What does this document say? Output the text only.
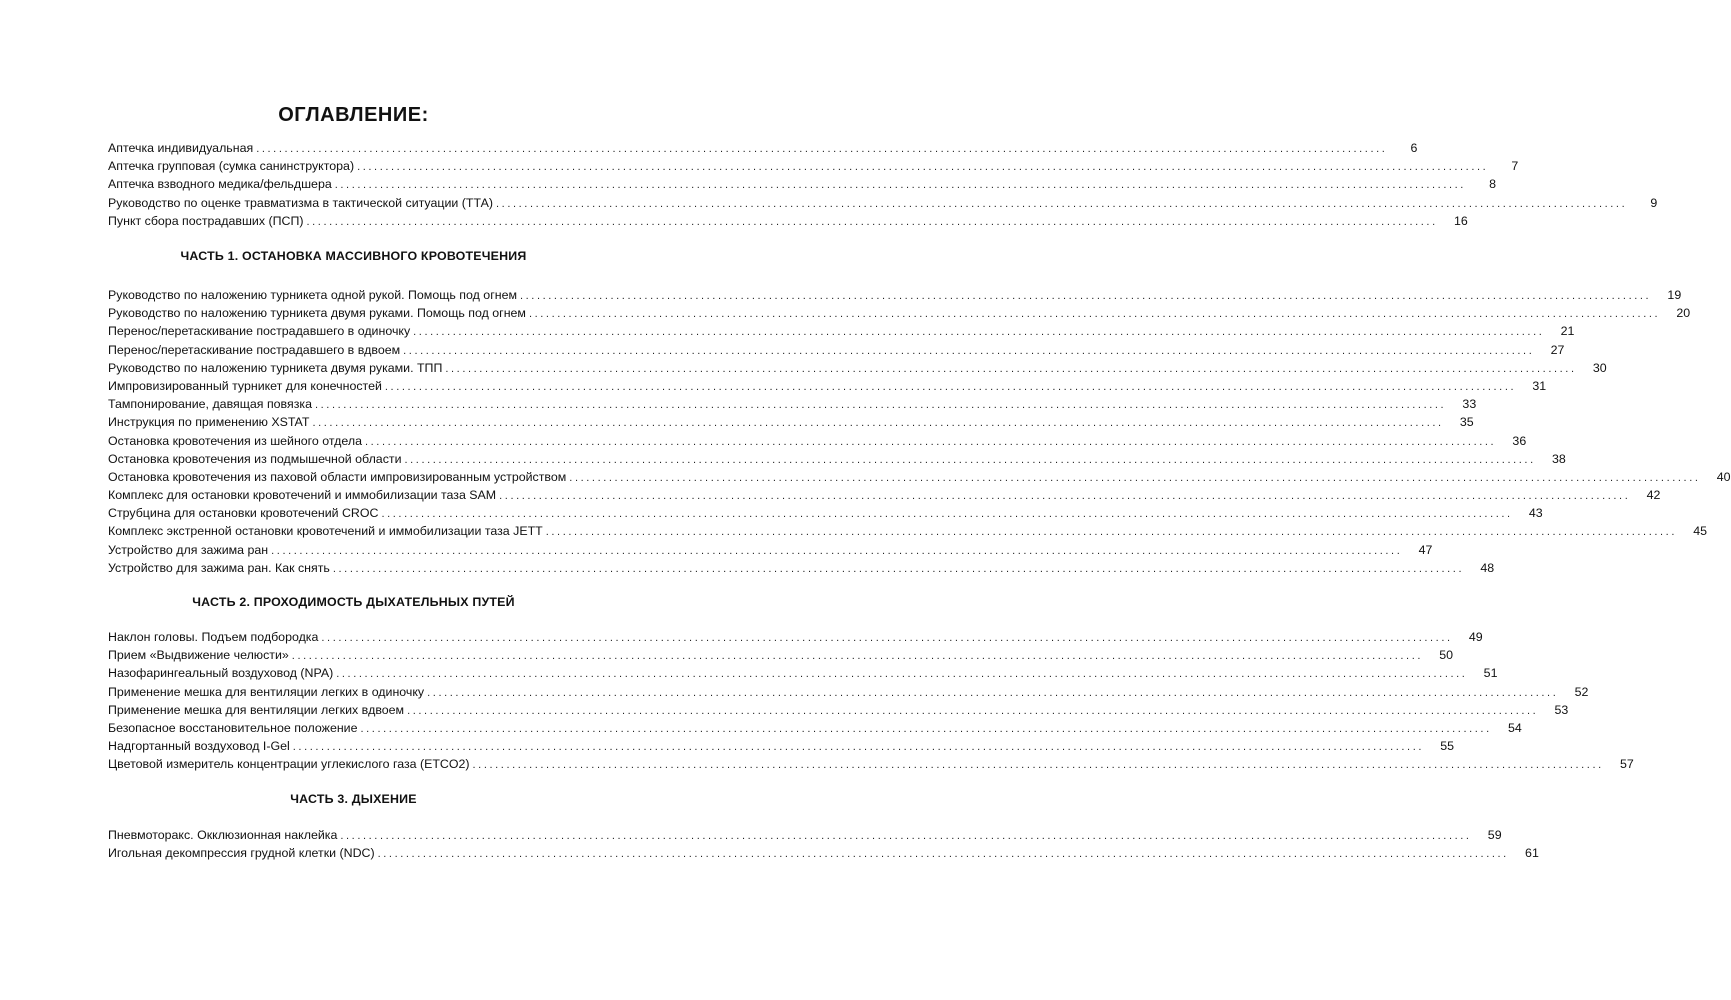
ОГЛАВЛЕНИЕ:
Аптечка индивидуальная ........................................................................................................................................................................................................	6
Аптечка групповая (сумка санинструктора) ........................................................................................................................................................................................................	7
Аптечка взводного медика/фельдшера ........................................................................................................................................................................................................	8
Руководство по оценке травматизма в тактической ситуации (ТТА) ........................................................................................................................................................................................................	9
Пункт сбора пострадавших (ПСП) ........................................................................................................................................................................................................	16
ЧАСТЬ 1. ОСТАНОВКА МАССИВНОГО КРОВОТЕЧЕНИЯ
Руководство по наложению турникета одной рукой. Помощь под огнем ........................................................................................................................................................................................................	19
Руководство по наложению турникета двумя руками. Помощь под огнем ........................................................................................................................................................................................................	20
Перенос/перетаскивание пострадавшего в одиночку ........................................................................................................................................................................................................	21
Перенос/перетаскивание пострадавшего в вдвоем ........................................................................................................................................................................................................	27
Руководство по наложению турникета двумя руками. ТПП ........................................................................................................................................................................................................	30
Импровизированный турникет для конечностей ........................................................................................................................................................................................................	31
Тампонирование, давящая повязка ........................................................................................................................................................................................................	33
Инструкция по применению XSTAT ........................................................................................................................................................................................................	35
Остановка кровотечения из шейного отдела ........................................................................................................................................................................................................	36
Остановка кровотечения из подмышечной области ........................................................................................................................................................................................................	38
Остановка кровотечения из паховой области импровизированным устройством ........................................................................................................................................................................................................	40
Комплекс для остановки кровотечений и иммобилизации таза SAM ........................................................................................................................................................................................................	42
Струбцина для остановки кровотечений CROC ........................................................................................................................................................................................................	43
Комплекс экстренной остановки кровотечений и иммобилизации таза JETT ........................................................................................................................................................................................................	45
Устройство для зажима ран ........................................................................................................................................................................................................	47
Устройство для зажима ран. Как снять ........................................................................................................................................................................................................	48
ЧАСТЬ 2. ПРОХОДИМОСТЬ ДЫХАТЕЛЬНЫХ ПУТЕЙ
Наклон головы. Подъем подбородка ........................................................................................................................................................................................................	49
Прием «Выдвижение челюсти» ........................................................................................................................................................................................................	50
Назофарингеальный воздуховод (NPA) ........................................................................................................................................................................................................	51
Применение мешка для вентиляции легких в одиночку ........................................................................................................................................................................................................	52
Применение мешка для вентиляции легких вдвоем ........................................................................................................................................................................................................	53
Безопасное восстановительное положение ........................................................................................................................................................................................................	54
Надгортанный воздуховод I-Gel ........................................................................................................................................................................................................	55
Цветовой измеритель концентрации углекислого газа (ETCO2) ........................................................................................................................................................................................................	57
ЧАСТЬ 3. ДЫХЕНИЕ
Пневмоторакс. Окклюзионная наклейка ........................................................................................................................................................................................................	59
Игольная декомпрессия грудной клетки (NDC) ........................................................................................................................................................................................................	61
